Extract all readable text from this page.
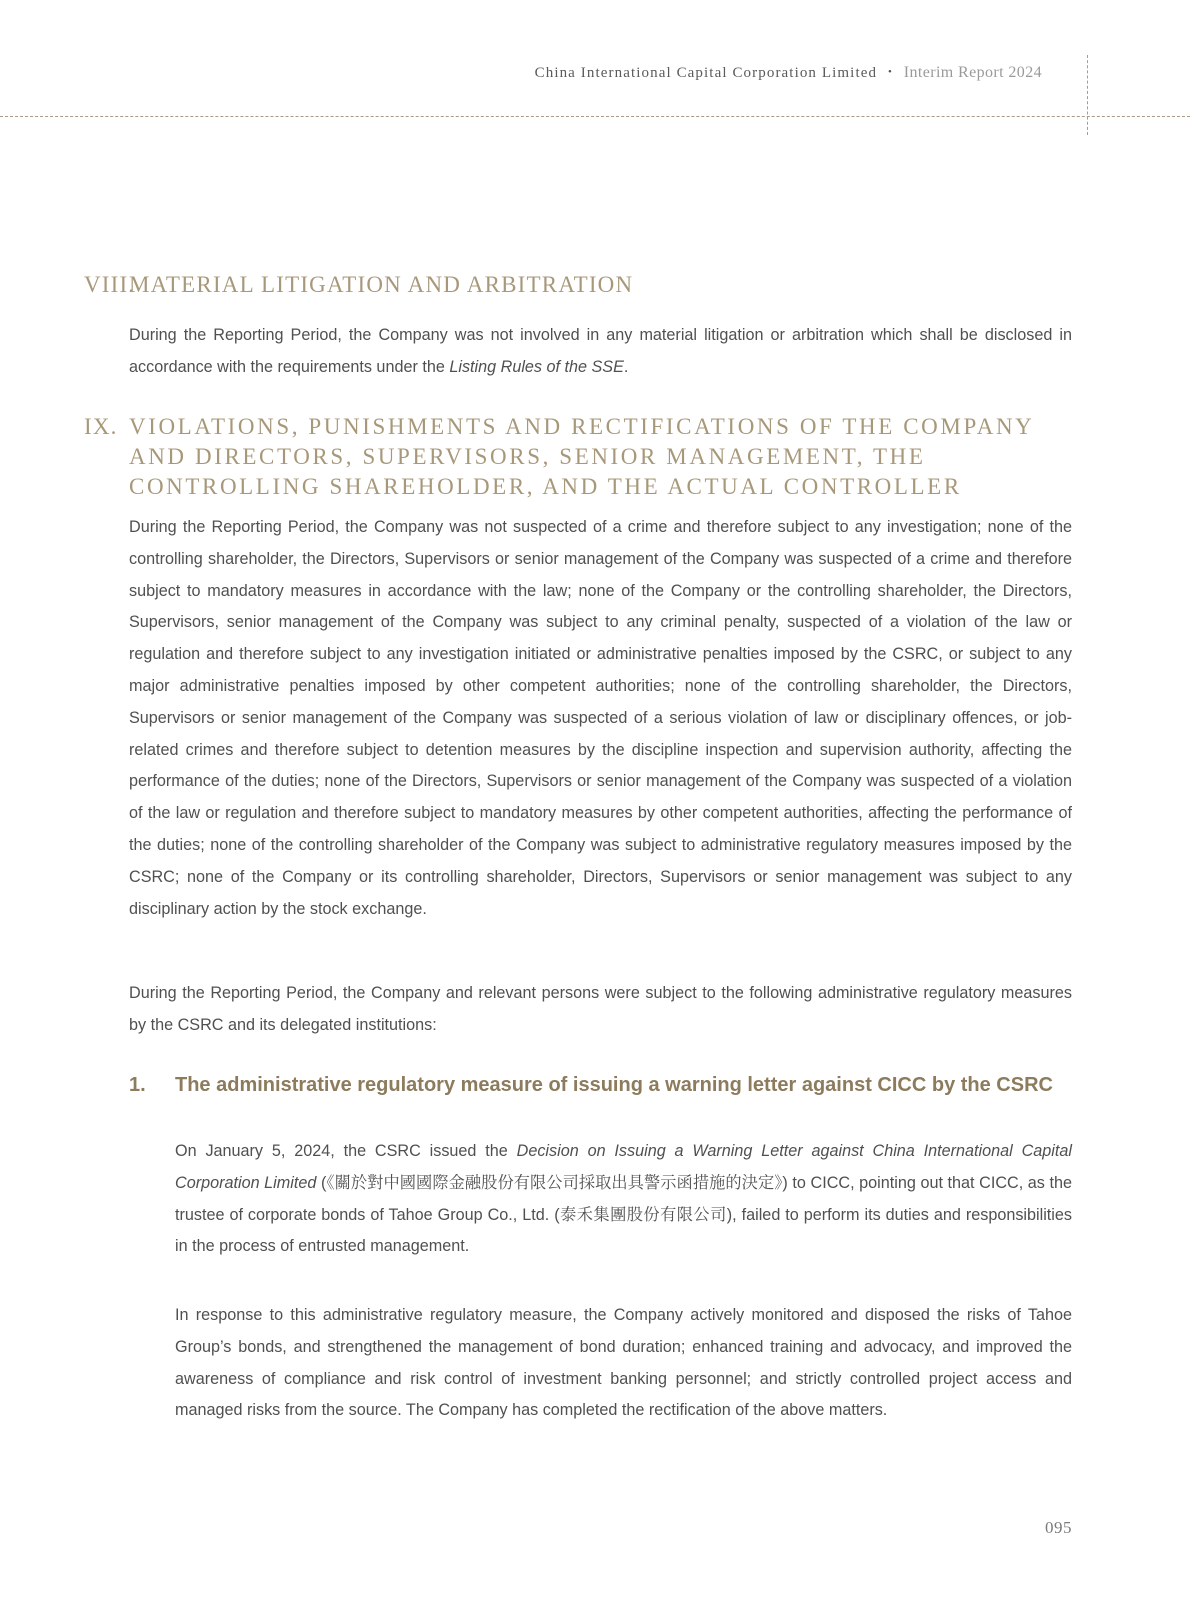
China International Capital Corporation Limited • Interim Report 2024
VIII.
MATERIAL LITIGATION AND ARBITRATION
During the Reporting Period, the Company was not involved in any material litigation or arbitration which shall be disclosed in accordance with the requirements under the Listing Rules of the SSE.
IX. VIOLATIONS, PUNISHMENTS AND RECTIFICATIONS OF THE COMPANY AND DIRECTORS, SUPERVISORS, SENIOR MANAGEMENT, THE CONTROLLING SHAREHOLDER, AND THE ACTUAL CONTROLLER
During the Reporting Period, the Company was not suspected of a crime and therefore subject to any investigation; none of the controlling shareholder, the Directors, Supervisors or senior management of the Company was suspected of a crime and therefore subject to mandatory measures in accordance with the law; none of the Company or the controlling shareholder, the Directors, Supervisors, senior management of the Company was subject to any criminal penalty, suspected of a violation of the law or regulation and therefore subject to any investigation initiated or administrative penalties imposed by the CSRC, or subject to any major administrative penalties imposed by other competent authorities; none of the controlling shareholder, the Directors, Supervisors or senior management of the Company was suspected of a serious violation of law or disciplinary offences, or job-related crimes and therefore subject to detention measures by the discipline inspection and supervision authority, affecting the performance of the duties; none of the Directors, Supervisors or senior management of the Company was suspected of a violation of the law or regulation and therefore subject to mandatory measures by other competent authorities, affecting the performance of the duties; none of the controlling shareholder of the Company was subject to administrative regulatory measures imposed by the CSRC; none of the Company or its controlling shareholder, Directors, Supervisors or senior management was subject to any disciplinary action by the stock exchange.
During the Reporting Period, the Company and relevant persons were subject to the following administrative regulatory measures by the CSRC and its delegated institutions:
1. The administrative regulatory measure of issuing a warning letter against CICC by the CSRC
On January 5, 2024, the CSRC issued the Decision on Issuing a Warning Letter against China International Capital Corporation Limited (《關於對中國國際金融股份有限公司採取出具警示函措施的決定》) to CICC, pointing out that CICC, as the trustee of corporate bonds of Tahoe Group Co., Ltd. (泰禾集團股份有限公司), failed to perform its duties and responsibilities in the process of entrusted management.
In response to this administrative regulatory measure, the Company actively monitored and disposed the risks of Tahoe Group’s bonds, and strengthened the management of bond duration; enhanced training and advocacy, and improved the awareness of compliance and risk control of investment banking personnel; and strictly controlled project access and managed risks from the source. The Company has completed the rectification of the above matters.
095
